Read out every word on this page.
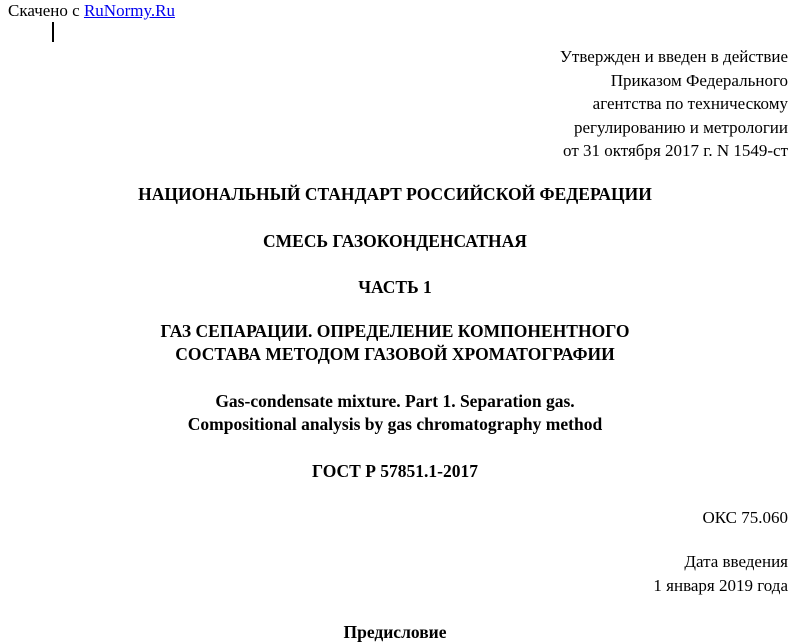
Скачено с RuNormy.Ru
Утвержден и введен в действие
Приказом Федерального
агентства по техническому
регулированию и метрологии
от 31 октября 2017 г. N 1549-ст
НАЦИОНАЛЬНЫЙ СТАНДАРТ РОССИЙСКОЙ ФЕДЕРАЦИИ
СМЕСЬ ГАЗОКОНДЕНСАТНАЯ
ЧАСТЬ 1
ГАЗ СЕПАРАЦИИ. ОПРЕДЕЛЕНИЕ КОМПОНЕНТНОГО
СОСТАВА МЕТОДОМ ГАЗОВОЙ ХРОМАТОГРАФИИ
Gas-condensate mixture. Part 1. Separation gas.
Compositional analysis by gas chromatography method
ГОСТ Р 57851.1-2017
ОКС 75.060
Дата введения
1 января 2019 года
Предисловие
